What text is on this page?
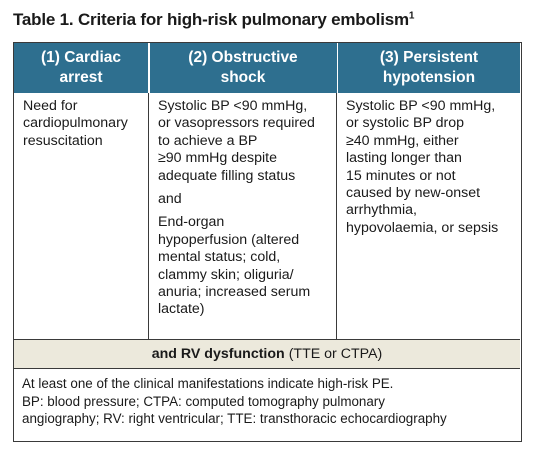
Table 1. Criteria for high-risk pulmonary embolism$^1$
(1) Cardiac
arrest
(2) Obstructive
shock
(3) Persistent
hypotension
Need for
cardiopulmonary
resuscitation
Systolic BP <90 mmHg,
or vasopressors required
to achieve a BP
≥90 mmHg despite
adequate filling status
and
End-organ
hypoperfusion (altered
mental status; cold,
clammy skin; oliguria/
anuria; increased serum
lactate)
Systolic BP <90 mmHg,
or systolic BP drop
≥40 mmHg, either
lasting longer than
15 minutes or not
caused by new-onset
arrhythmia,
hypovolaemia, or sepsis
and RV dysfunction (TTE or CTPA)
At least one of the clinical manifestations indicate high-risk PE.
BP: blood pressure; CTPA: computed tomography pulmonary
angiography; RV: right ventricular; TTE: transthoracic echocardiography
